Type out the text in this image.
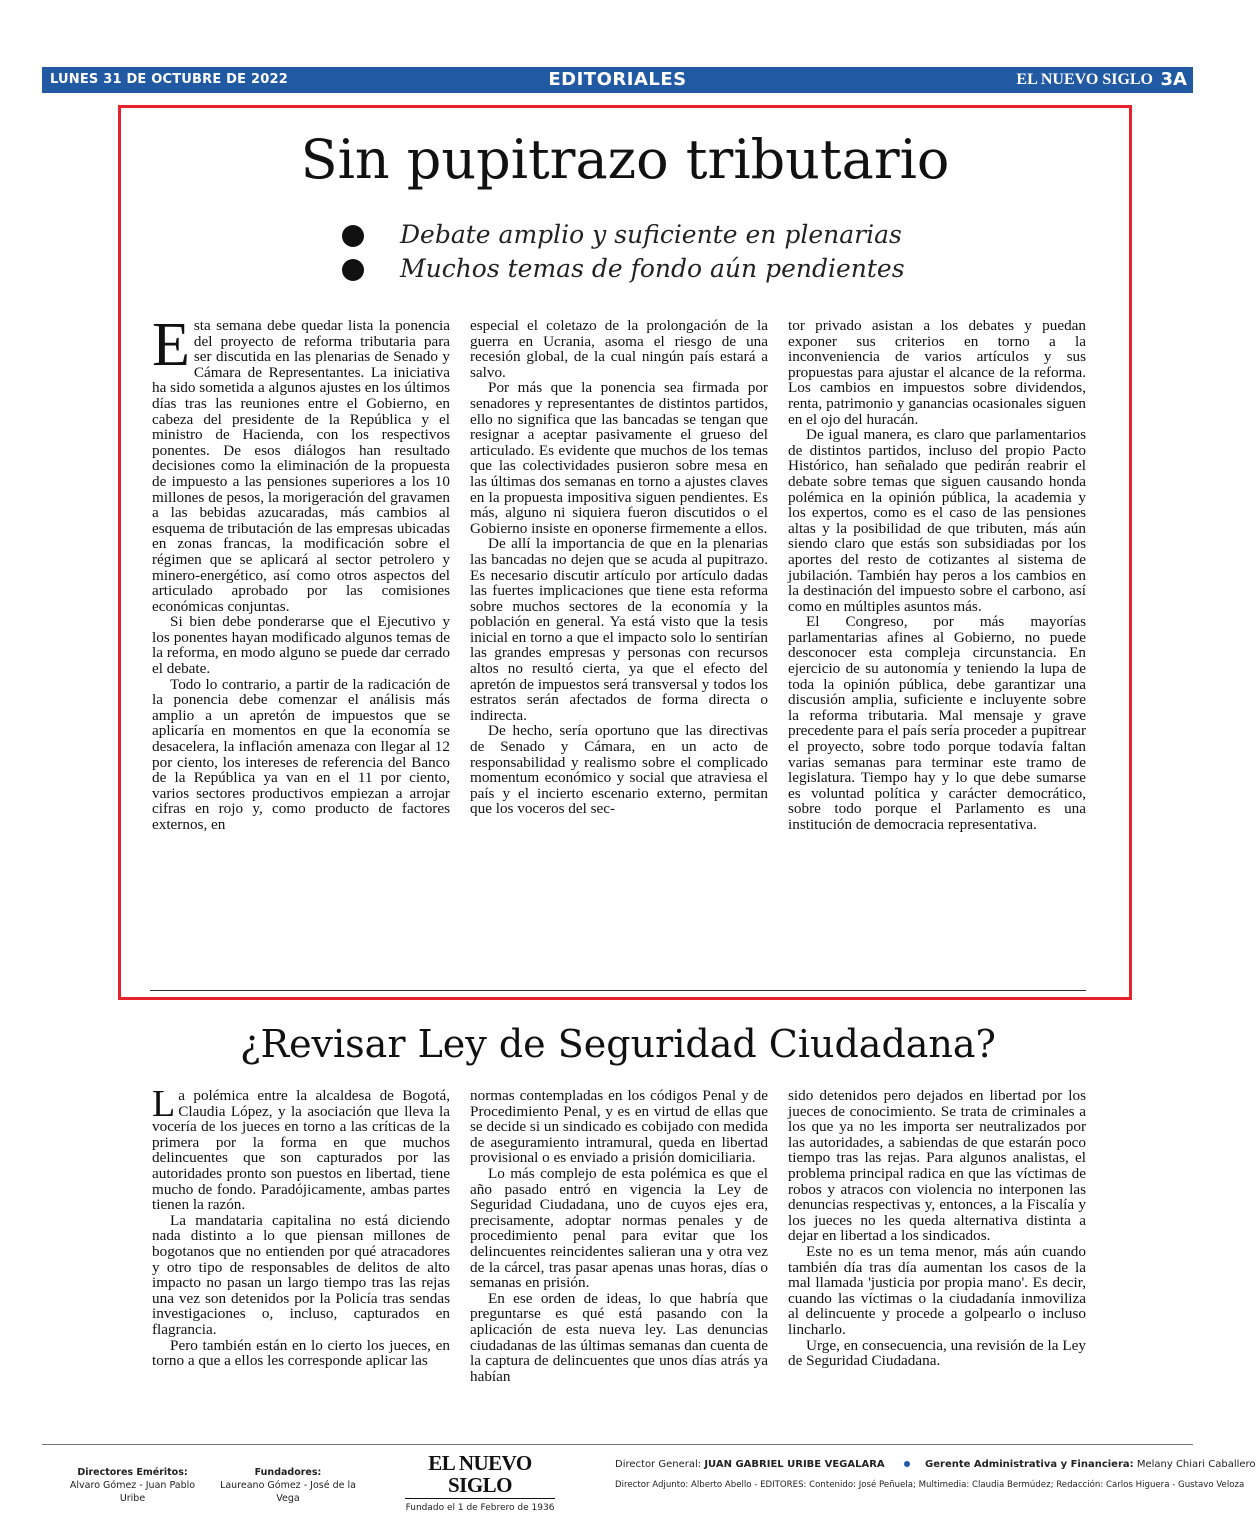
LUNES 31 DE OCTUBRE DE 2022	EDITORIALES	EL NUEVO SIGLO 3A
Sin pupitrazo tributario
Debate amplio y suficiente en plenarias
Muchos temas de fondo aún pendientes

Esta semana debe quedar lista la ponencia del proyecto de reforma tributaria para ser discutida en las plenarias de Senado y Cámara de Representantes. La iniciativa ha sido sometida a algunos ajustes en los últimos días tras las reuniones entre el Gobierno, en cabeza del presidente de la República y el ministro de Hacienda, con los respectivos ponentes. De esos diálogos han resultado decisiones como la eliminación de la propuesta de impuesto a las pensiones superiores a los 10 millones de pesos, la morigeración del gravamen a las bebidas azucaradas, más cambios al esquema de tributación de las empresas ubicadas en zonas francas, la modificación sobre el régimen que se aplicará al sector petrolero y minero-energético, así como otros aspectos del articulado aprobado por las comisiones económicas conjuntas.

Si bien debe ponderarse que el Ejecutivo y los ponentes hayan modificado algunos temas de la reforma, en modo alguno se puede dar cerrado el debate.

Todo lo contrario, a partir de la radicación de la ponencia debe comenzar el análisis más amplio a un apretón de impuestos que se aplicaría en momentos en que la economía se desacelera, la inflación amenaza con llegar al 12 por ciento, los intereses de referencia del Banco de la República ya van en el 11 por ciento, varios sectores productivos empiezan a arrojar cifras en rojo y, como producto de factores externos, en

especial el coletazo de la prolongación de la guerra en Ucrania, asoma el riesgo de una recesión global, de la cual ningún país estará a salvo.

Por más que la ponencia sea firmada por senadores y representantes de distintos partidos, ello no significa que las bancadas se tengan que resignar a aceptar pasivamente el grueso del articulado. Es evidente que muchos de los temas que las colectividades pusieron sobre mesa en las últimas dos semanas en torno a ajustes claves en la propuesta impositiva siguen pendientes. Es más, alguno ni siquiera fueron discutidos o el Gobierno insiste en oponerse firmemente a ellos.

De allí la importancia de que en la plenarias las bancadas no dejen que se acuda al pupitrazo. Es necesario discutir artículo por artículo dadas las fuertes implicaciones que tiene esta reforma sobre muchos sectores de la economía y la población en general. Ya está visto que la tesis inicial en torno a que el impacto solo lo sentirían las grandes empresas y personas con recursos altos no resultó cierta, ya que el efecto del apretón de impuestos será transversal y todos los estratos serán afectados de forma directa o indirecta.

De hecho, sería oportuno que las directivas de Senado y Cámara, en un acto de responsabilidad y realismo sobre el complicado momentum económico y social que atraviesa el país y el incierto escenario externo, permitan que los voceros del sec-

tor privado asistan a los debates y puedan exponer sus criterios en torno a la inconveniencia de varios artículos y sus propuestas para ajustar el alcance de la reforma. Los cambios en impuestos sobre dividendos, renta, patrimonio y ganancias ocasionales siguen en el ojo del huracán.

De igual manera, es claro que parlamentarios de distintos partidos, incluso del propio Pacto Histórico, han señalado que pedirán reabrir el debate sobre temas que siguen causando honda polémica en la opinión pública, la academia y los expertos, como es el caso de las pensiones altas y la posibilidad de que tributen, más aún siendo claro que estás son subsidiadas por los aportes del resto de cotizantes al sistema de jubilación. También hay peros a los cambios en la destinación del impuesto sobre el carbono, así como en múltiples asuntos más.

El Congreso, por más mayorías parlamentarias afines al Gobierno, no puede desconocer esta compleja circunstancia. En ejercicio de su autonomía y teniendo la lupa de toda la opinión pública, debe garantizar una discusión amplia, suficiente e incluyente sobre la reforma tributaria. Mal mensaje y grave precedente para el país sería proceder a pupitrear el proyecto, sobre todo porque todavía faltan varias semanas para terminar este tramo de legislatura. Tiempo hay y lo que debe sumarse es voluntad política y carácter democrático, sobre todo porque el Parlamento es una institución de democracia representativa.

¿Revisar Ley de Seguridad Ciudadana?

La polémica entre la alcaldesa de Bogotá, Claudia López, y la asociación que lleva la vocería de los jueces en torno a las críticas de la primera por la forma en que muchos delincuentes que son capturados por las autoridades pronto son puestos en libertad, tiene mucho de fondo. Paradójicamente, ambas partes tienen la razón.

La mandataria capitalina no está diciendo nada distinto a lo que piensan millones de bogotanos que no entienden por qué atracadores y otro tipo de responsables de delitos de alto impacto no pasan un largo tiempo tras las rejas una vez son detenidos por la Policía tras sendas investigaciones o, incluso, capturados en flagrancia.

Pero también están en lo cierto los jueces, en torno a que a ellos les corresponde aplicar las

normas contempladas en los códigos Penal y de Procedimiento Penal, y es en virtud de ellas que se decide si un sindicado es cobijado con medida de aseguramiento intramural, queda en libertad provisional o es enviado a prisión domiciliaria.

Lo más complejo de esta polémica es que el año pasado entró en vigencia la Ley de Seguridad Ciudadana, uno de cuyos ejes era, precisamente, adoptar normas penales y de procedimiento penal para evitar que los delincuentes reincidentes salieran una y otra vez de la cárcel, tras pasar apenas unas horas, días o semanas en prisión.

En ese orden de ideas, lo que habría que preguntarse es qué está pasando con la aplicación de esta nueva ley. Las denuncias ciudadanas de las últimas semanas dan cuenta de la captura de delincuentes que unos días atrás ya habían

sido detenidos pero dejados en libertad por los jueces de conocimiento. Se trata de criminales a los que ya no les importa ser neutralizados por las autoridades, a sabiendas de que estarán poco tiempo tras las rejas. Para algunos analistas, el problema principal radica en que las víctimas de robos y atracos con violencia no interponen las denuncias respectivas y, entonces, a la Fiscalía y los jueces no les queda alternativa distinta a dejar en libertad a los sindicados.

Este no es un tema menor, más aún cuando también día tras día aumentan los casos de la mal llamada 'justicia por propia mano'. Es decir, cuando las víctimas o la ciudadanía inmoviliza al delincuente y procede a golpearlo o incluso lincharlo.

Urge, en consecuencia, una revisión de la Ley de Seguridad Ciudadana.

Directores Eméritos:
Alvaro Gómez - Juan Pablo Uribe
Fundadores:
Laureano Gómez - José de la Vega
EL NUEVO SIGLO
Fundado el 1 de Febrero de 1936
Director General: JUAN GABRIEL URIBE VEGALARA	Gerente Administrativa y Financiera: Melany Chiari Caballero
Director Adjunto: Alberto Abello - EDITORES: Contenido: José Peñuela; Multimedia: Claudia Bermúdez; Redacción: Carlos Higuera - Gustavo Veloza
